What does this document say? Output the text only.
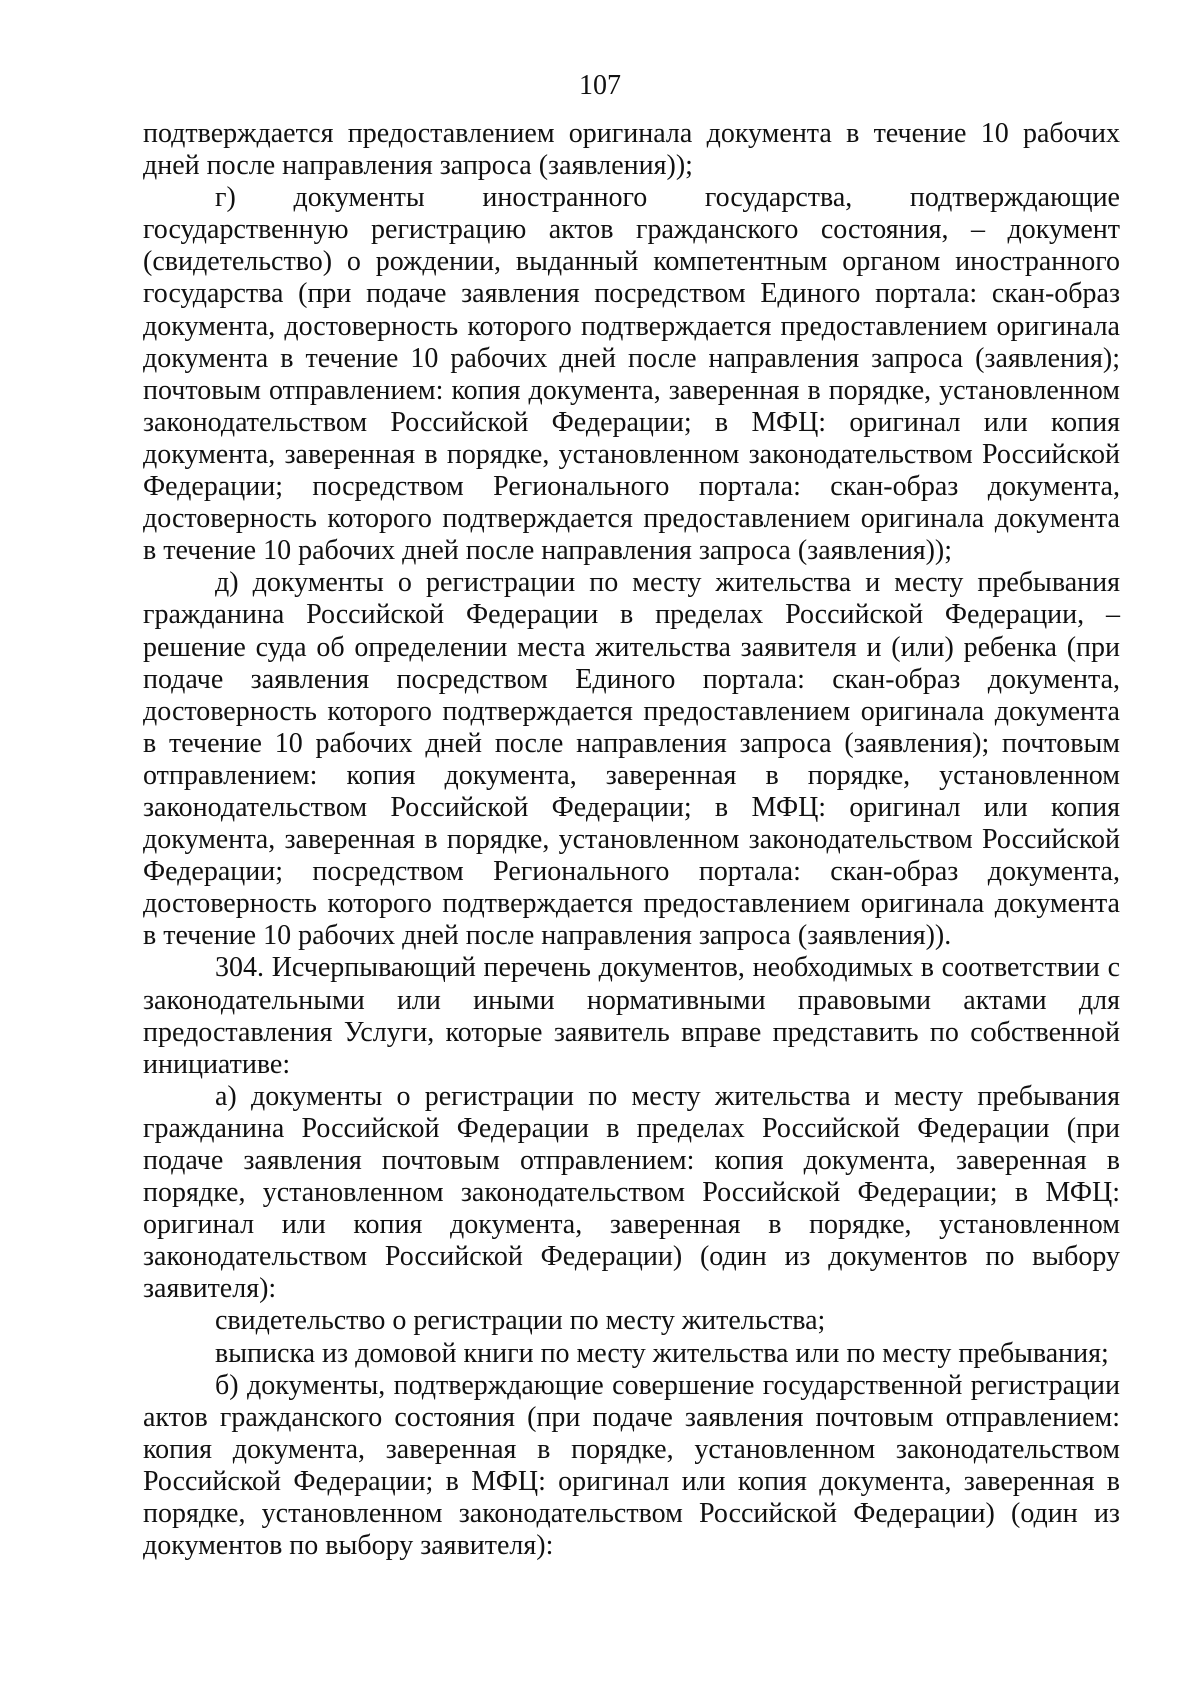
107

подтверждается предоставлением оригинала документа в течение 10 рабочих дней после направления запроса (заявления));

г) документы иностранного государства, подтверждающие государственную регистрацию актов гражданского состояния, – документ (свидетельство) о рождении, выданный компетентным органом иностранного государства (при подаче заявления посредством Единого портала: скан-образ документа, достоверность которого подтверждается предоставлением оригинала документа в течение 10 рабочих дней после направления запроса (заявления); почтовым отправлением: копия документа, заверенная в порядке, установленном законодательством Российской Федерации; в МФЦ: оригинал или копия документа, заверенная в порядке, установленном законодательством Российской Федерации; посредством Регионального портала: скан-образ документа, достоверность которого подтверждается предоставлением оригинала документа в течение 10 рабочих дней после направления запроса (заявления));

д) документы о регистрации по месту жительства и месту пребывания гражданина Российской Федерации в пределах Российской Федерации, – решение суда об определении места жительства заявителя и (или) ребенка (при подаче заявления посредством Единого портала: скан-образ документа, достоверность которого подтверждается предоставлением оригинала документа в течение 10 рабочих дней после направления запроса (заявления); почтовым отправлением: копия документа, заверенная в порядке, установленном законодательством Российской Федерации; в МФЦ: оригинал или копия документа, заверенная в порядке, установленном законодательством Российской Федерации; посредством Регионального портала: скан-образ документа, достоверность которого подтверждается предоставлением оригинала документа в течение 10 рабочих дней после направления запроса (заявления)).

304. Исчерпывающий перечень документов, необходимых в соответствии с законодательными или иными нормативными правовыми актами для предоставления Услуги, которые заявитель вправе представить по собственной инициативе:

а) документы о регистрации по месту жительства и месту пребывания гражданина Российской Федерации в пределах Российской Федерации (при подаче заявления почтовым отправлением: копия документа, заверенная в порядке, установленном законодательством Российской Федерации; в МФЦ: оригинал или копия документа, заверенная в порядке, установленном законодательством Российской Федерации) (один из документов по выбору заявителя):

свидетельство о регистрации по месту жительства;

выписка из домовой книги по месту жительства или по месту пребывания;

б) документы, подтверждающие совершение государственной регистрации актов гражданского состояния (при подаче заявления почтовым отправлением: копия документа, заверенная в порядке, установленном законодательством Российской Федерации; в МФЦ: оригинал или копия документа, заверенная в порядке, установленном законодательством Российской Федерации) (один из документов по выбору заявителя):
